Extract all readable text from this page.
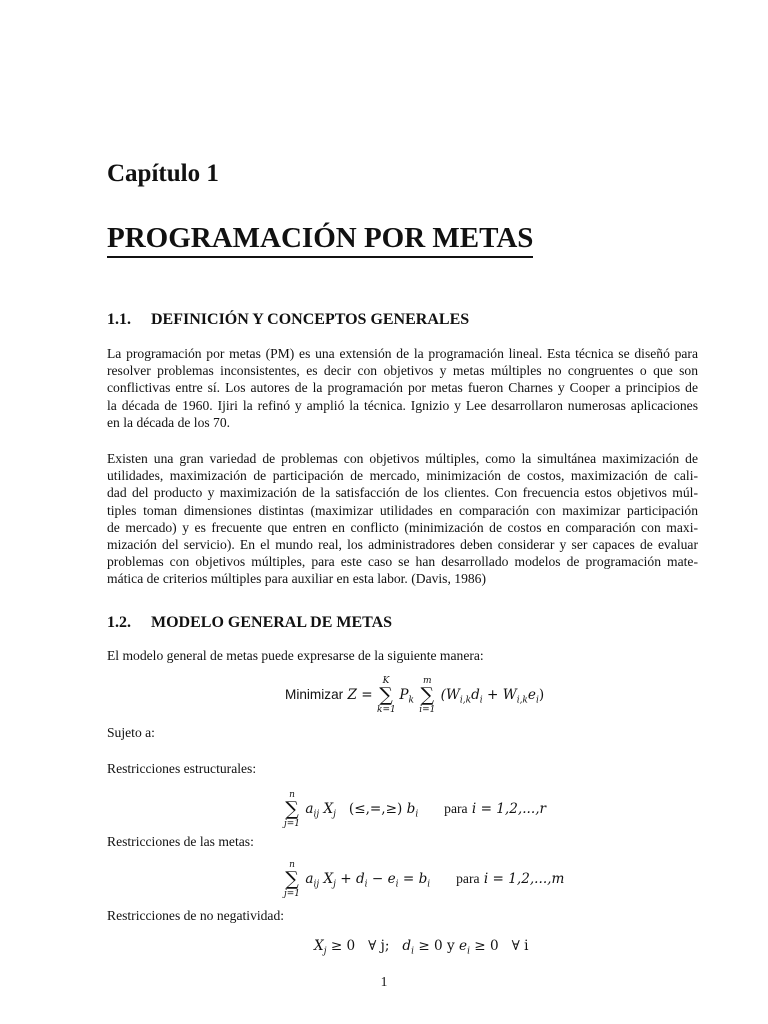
Capítulo 1
PROGRAMACIÓN POR METAS
1.1. DEFINICIÓN Y CONCEPTOS GENERALES
La programación por metas (PM) es una extensión de la programación lineal. Esta técnica se diseñó para
resolver problemas inconsistentes, es decir con objetivos y metas múltiples no congruentes o que son
conflictivas entre sí. Los autores de la programación por metas fueron Charnes y Cooper a principios de
la década de 1960. Ijiri la refinó y amplió la técnica. Ignizio y Lee desarrollaron numerosas aplicaciones
en la década de los 70.
Existen una gran variedad de problemas con objetivos múltiples, como la simultánea maximización de
utilidades, maximización de participación de mercado, minimización de costos, maximización de cali-
dad del producto y maximización de la satisfacción de los clientes. Con frecuencia estos objetivos múl-
tiples toman dimensiones distintas (maximizar utilidades en comparación con maximizar participación
de mercado) y es frecuente que entren en conflicto (minimización de costos en comparación con maxi-
mización del servicio). En el mundo real, los administradores deben considerar y ser capaces de evaluar
problemas con objetivos múltiples, para este caso se han desarrollado modelos de programación mate-
mática de criterios múltiples para auxiliar en esta labor. (Davis, 1986)
1.2. MODELO GENERAL DE METAS
El modelo general de metas puede expresarse de la siguiente manera:
Minimizar Z =
K
∑
k=1
$P_k$
m
∑
i=1
$(W_{i,k}d_i + W_{i,k}e_i)$
Sujeto a:
Restricciones estructurales:
n
∑
j=1
$a_{ij}$ $X_j$ (≤,=,≥) $b_i$ para i = 1,2,...,r
Restricciones de las metas:
n
∑
j=1
$a_{ij}$ $X_j + d_i - e_i = b_i$ para i = 1,2,...,m
Restricciones de no negatividad:
$X_j \ge 0$   ∀ j;   $d_i \ge 0$ y $e_i \ge 0$   ∀ i
1
